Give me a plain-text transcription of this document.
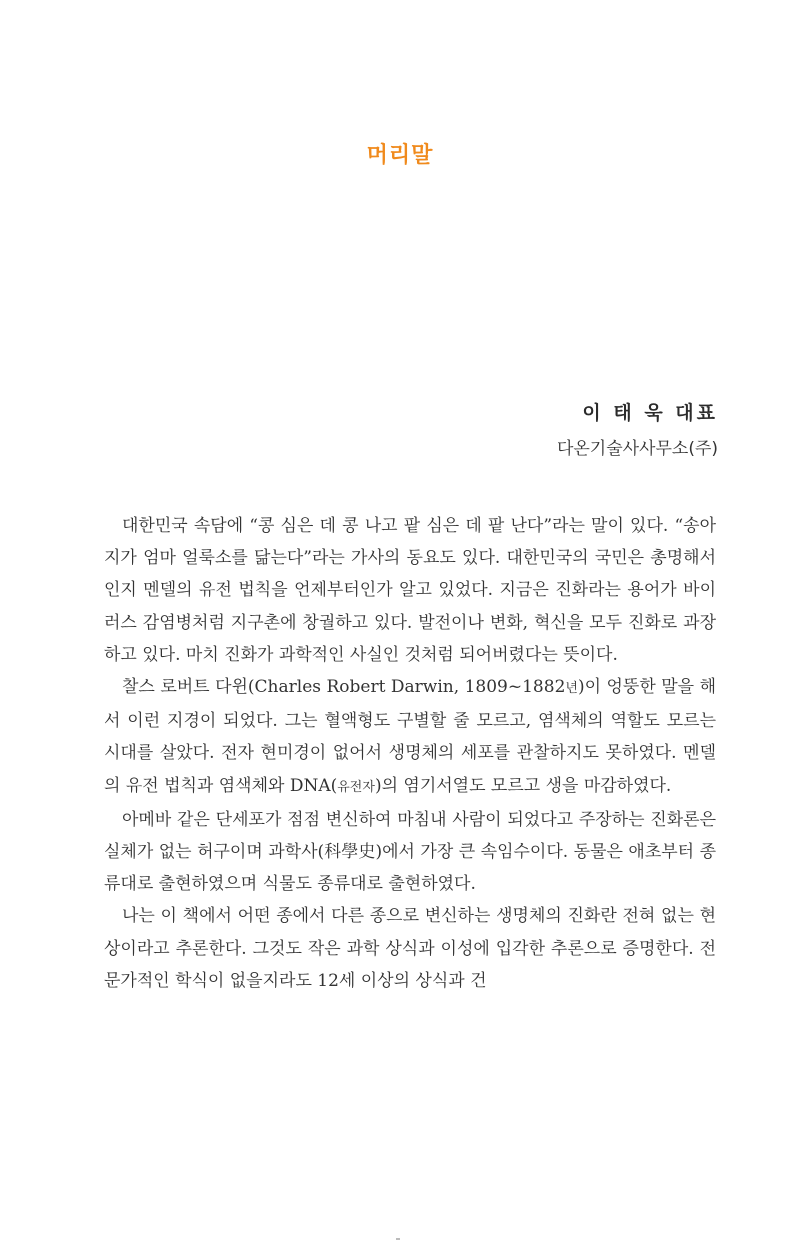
머리말
이 태 욱 대표
다온기술사사무소(주)

대한민국 속담에 “콩 심은 데 콩 나고 팥 심은 데 팥 난다”라는 말이 있다. “송아지가 엄마 얼룩소를 닮는다”라는 가사의 동요도 있다. 대한민국의 국민은 총명해서인지 멘델의 유전 법칙을 언제부터인가 알고 있었다. 지금은 진화라는 용어가 바이러스 감염병처럼 지구촌에 창궐하고 있다. 발전이나 변화, 혁신을 모두 진화로 과장하고 있다. 마치 진화가 과학적인 사실인 것처럼 되어버렸다는 뜻이다.

찰스 로버트 다윈(Charles Robert Darwin, 1809~1882년)이 엉뚱한 말을 해서 이런 지경이 되었다. 그는 혈액형도 구별할 줄 모르고, 염색체의 역할도 모르는 시대를 살았다. 전자 현미경이 없어서 생명체의 세포를 관찰하지도 못하였다. 멘델의 유전 법칙과 염색체와 DNA(유전자)의 염기서열도 모르고 생을 마감하였다.

아메바 같은 단세포가 점점 변신하여 마침내 사람이 되었다고 주장하는 진화론은 실체가 없는 허구이며 과학사(科學史)에서 가장 큰 속임수이다. 동물은 애초부터 종류대로 출현하였으며 식물도 종류대로 출현하였다.

나는 이 책에서 어떤 종에서 다른 종으로 변신하는 생명체의 진화란 전혀 없는 현상이라고 추론한다. 그것도 작은 과학 상식과 이성에 입각한 추론으로 증명한다. 전문가적인 학식이 없을지라도 12세 이상의 상식과 건
